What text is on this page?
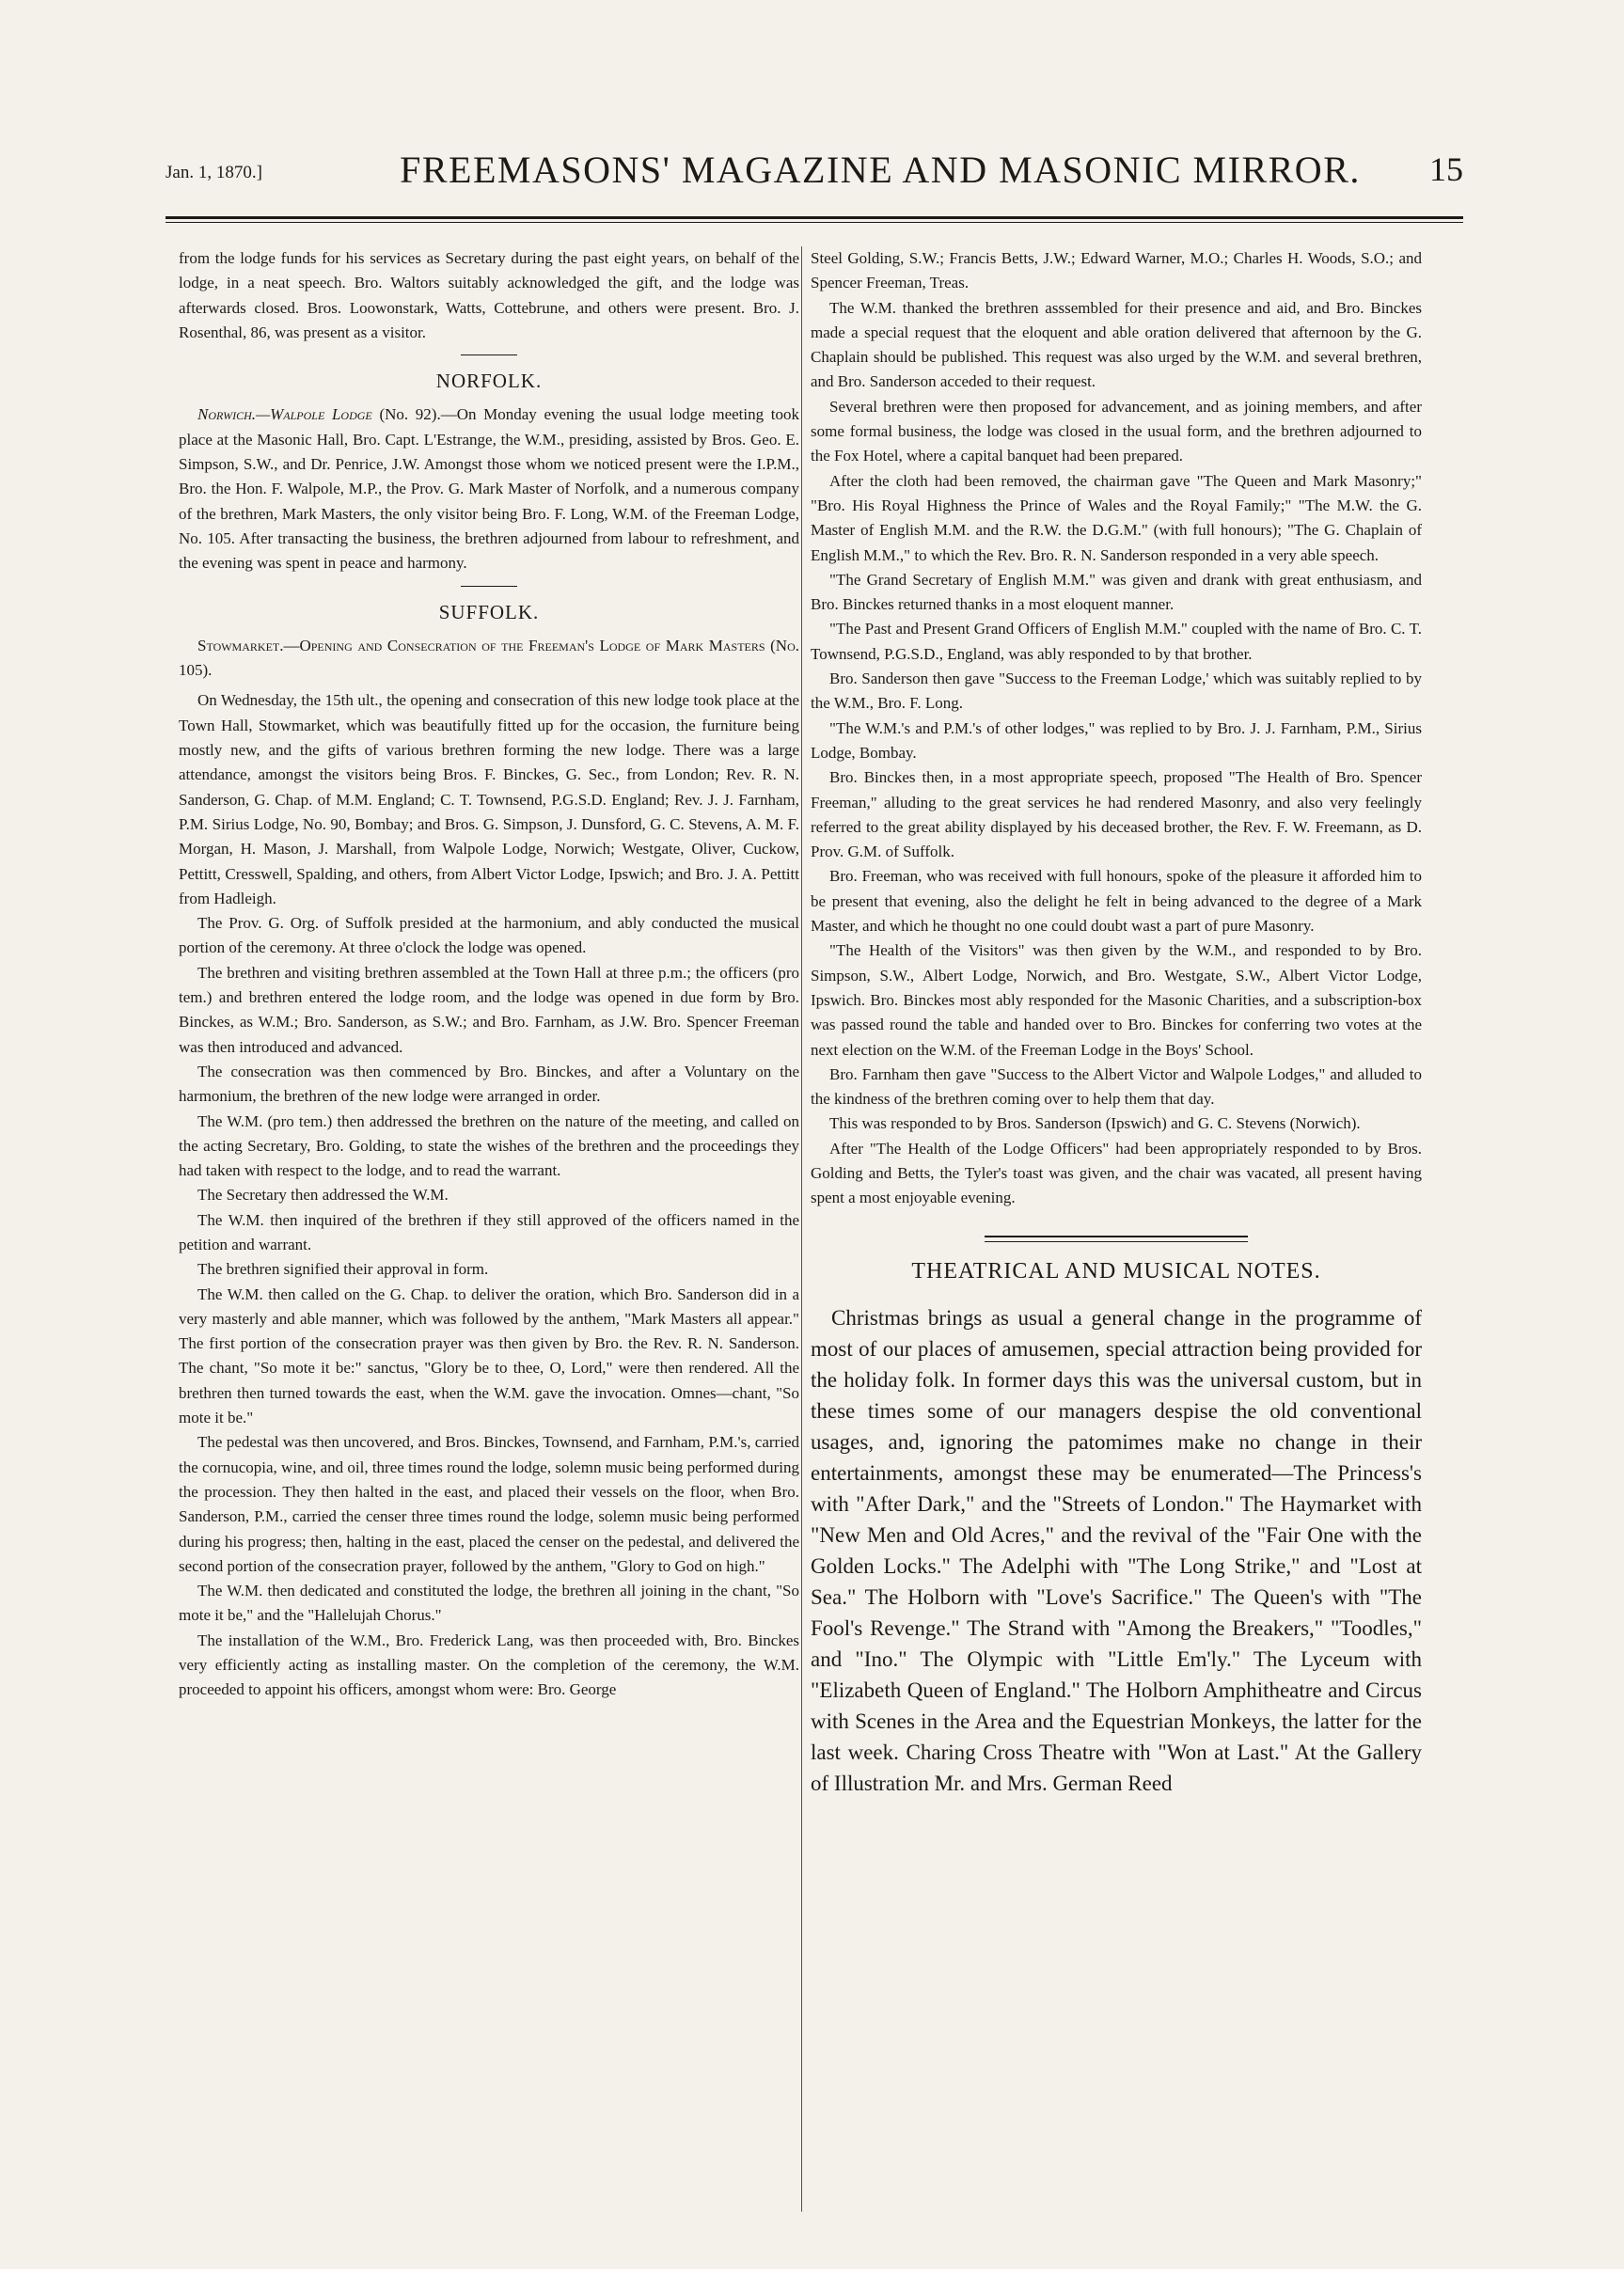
Jan. 1, 1870.]	FREEMASONS' MAGAZINE AND MASONIC MIRROR.	15

from the lodge funds for his services as Secretary during the past eight years, on behalf of the lodge, in a neat speech. Bro. Waltors suitably acknowledged the gift, and the lodge was afterwards closed. Bros. Loowonstark, Watts, Cottebrune, and others were present. Bro. J. Rosenthal, 86, was present as a visitor.

NORFOLK.

Norwich.—Walpole Lodge (No. 92).—On Monday evening the usual lodge meeting took place at the Masonic Hall, Bro. Capt. L'Estrange, the W.M., presiding, assisted by Bros. Geo. E. Simpson, S.W., and Dr. Penrice, J.W. Amongst those whom we noticed present were the I.P.M., Bro. the Hon. F. Walpole, M.P., the Prov. G. Mark Master of Norfolk, and a numerous company of the brethren, Mark Masters, the only visitor being Bro. F. Long, W.M. of the Freeman Lodge, No. 105. After transacting the business, the brethren adjourned from labour to refreshment, and the evening was spent in peace and harmony.

SUFFOLK.

Stowmarket.—Opening and Consecration of the Freeman's Lodge of Mark Masters (No. 105).

On Wednesday, the 15th ult., the opening and consecration of this new lodge took place at the Town Hall, Stowmarket, which was beautifully fitted up for the occasion, the furniture being mostly new, and the gifts of various brethren forming the new lodge. There was a large attendance, amongst the visitors being Bros. F. Binckes, G. Sec., from London; Rev. R. N. Sanderson, G. Chap. of M.M. England; C. T. Townsend, P.G.S.D. England; Rev. J. J. Farnham, P.M. Sirius Lodge, No. 90, Bombay; and Bros. G. Simpson, J. Dunsford, G. C. Stevens, A. M. F. Morgan, H. Mason, J. Marshall, from Walpole Lodge, Norwich; Westgate, Oliver, Cuckow, Pettitt, Cresswell, Spalding, and others, from Albert Victor Lodge, Ipswich; and Bro. J. A. Pettitt from Hadleigh.

The Prov. G. Org. of Suffolk presided at the harmonium, and ably conducted the musical portion of the ceremony. At three o'clock the lodge was opened.

The brethren and visiting brethren assembled at the Town Hall at three p.m.; the officers (pro tem.) and brethren entered the lodge room, and the lodge was opened in due form by Bro. Binckes, as W.M.; Bro. Sanderson, as S.W.; and Bro. Farnham, as J.W. Bro. Spencer Freeman was then introduced and advanced.

The consecration was then commenced by Bro. Binckes, and after a Voluntary on the harmonium, the brethren of the new lodge were arranged in order.

The W.M. (pro tem.) then addressed the brethren on the nature of the meeting, and called on the acting Secretary, Bro. Golding, to state the wishes of the brethren and the proceedings they had taken with respect to the lodge, and to read the warrant.

The Secretary then addressed the W.M.

The W.M. then inquired of the brethren if they still approved of the officers named in the petition and warrant.

The brethren signified their approval in form.

The W.M. then called on the G. Chap. to deliver the oration, which Bro. Sanderson did in a very masterly and able manner, which was followed by the anthem, "Mark Masters all appear." The first portion of the consecration prayer was then given by Bro. the Rev. R. N. Sanderson. The chant, "So mote it be:" sanctus, "Glory be to thee, O, Lord," were then rendered. All the brethren then turned towards the east, when the W.M. gave the invocation. Omnes—chant, "So mote it be."

The pedestal was then uncovered, and Bros. Binckes, Townsend, and Farnham, P.M.'s, carried the cornucopia, wine, and oil, three times round the lodge, solemn music being performed during the procession. They then halted in the east, and placed their vessels on the floor, when Bro. Sanderson, P.M., carried the censer three times round the lodge, solemn music being performed during his progress; then, halting in the east, placed the censer on the pedestal, and delivered the second portion of the consecration prayer, followed by the anthem, "Glory to God on high."

The W.M. then dedicated and constituted the lodge, the brethren all joining in the chant, "So mote it be," and the "Hallelujah Chorus."

The installation of the W.M., Bro. Frederick Lang, was then proceeded with, Bro. Binckes very efficiently acting as installing master. On the completion of the ceremony, the W.M. proceeded to appoint his officers, amongst whom were: Bro. George

Steel Golding, S.W.; Francis Betts, J.W.; Edward Warner, M.O.; Charles H. Woods, S.O.; and Spencer Freeman, Treas.

The W.M. thanked the brethren asssembled for their presence and aid, and Bro. Binckes made a special request that the eloquent and able oration delivered that afternoon by the G. Chaplain should be published. This request was also urged by the W.M. and several brethren, and Bro. Sanderson acceded to their request.

Several brethren were then proposed for advancement, and as joining members, and after some formal business, the lodge was closed in the usual form, and the brethren adjourned to the Fox Hotel, where a capital banquet had been prepared.

After the cloth had been removed, the chairman gave "The Queen and Mark Masonry;" "Bro. His Royal Highness the Prince of Wales and the Royal Family;" "The M.W. the G. Master of English M.M. and the R.W. the D.G.M." (with full honours); "The G. Chaplain of English M.M.," to which the Rev. Bro. R. N. Sanderson responded in a very able speech.

"The Grand Secretary of English M.M." was given and drank with great enthusiasm, and Bro. Binckes returned thanks in a most eloquent manner.

"The Past and Present Grand Officers of English M.M." coupled with the name of Bro. C. T. Townsend, P.G.S.D., England, was ably responded to by that brother.

Bro. Sanderson then gave "Success to the Freeman Lodge,' which was suitably replied to by the W.M., Bro. F. Long.

"The W.M.'s and P.M.'s of other lodges," was replied to by Bro. J. J. Farnham, P.M., Sirius Lodge, Bombay.

Bro. Binckes then, in a most appropriate speech, proposed "The Health of Bro. Spencer Freeman," alluding to the great services he had rendered Masonry, and also very feelingly referred to the great ability displayed by his deceased brother, the Rev. F. W. Freemann, as D. Prov. G.M. of Suffolk.

Bro. Freeman, who was received with full honours, spoke of the pleasure it afforded him to be present that evening, also the delight he felt in being advanced to the degree of a Mark Master, and which he thought no one could doubt wast a part of pure Masonry.

"The Health of the Visitors" was then given by the W.M., and responded to by Bro. Simpson, S.W., Albert Lodge, Norwich, and Bro. Westgate, S.W., Albert Victor Lodge, Ipswich. Bro. Binckes most ably responded for the Masonic Charities, and a subscription-box was passed round the table and handed over to Bro. Binckes for conferring two votes at the next election on the W.M. of the Freeman Lodge in the Boys' School.

Bro. Farnham then gave "Success to the Albert Victor and Walpole Lodges," and alluded to the kindness of the brethren coming over to help them that day.

This was responded to by Bros. Sanderson (Ipswich) and G. C. Stevens (Norwich).

After "The Health of the Lodge Officers" had been appropriately responded to by Bros. Golding and Betts, the Tyler's toast was given, and the chair was vacated, all present having spent a most enjoyable evening.

THEATRICAL AND MUSICAL NOTES.

Christmas brings as usual a general change in the programme of most of our places of amusemen, special attraction being provided for the holiday folk. In former days this was the universal custom, but in these times some of our managers despise the old conventional usages, and, ignoring the patomimes make no change in their entertainments, amongst these may be enumerated—The Princess's with "After Dark," and the "Streets of London." The Haymarket with "New Men and Old Acres," and the revival of the "Fair One with the Golden Locks." The Adelphi with "The Long Strike," and "Lost at Sea." The Holborn with "Love's Sacrifice." The Queen's with "The Fool's Revenge." The Strand with "Among the Breakers," "Toodles," and "Ino." The Olympic with "Little Em'ly." The Lyceum with "Elizabeth Queen of England." The Holborn Amphitheatre and Circus with Scenes in the Area and the Equestrian Monkeys, the latter for the last week. Charing Cross Theatre with "Won at Last." At the Gallery of Illustration Mr. and Mrs. German Reed
